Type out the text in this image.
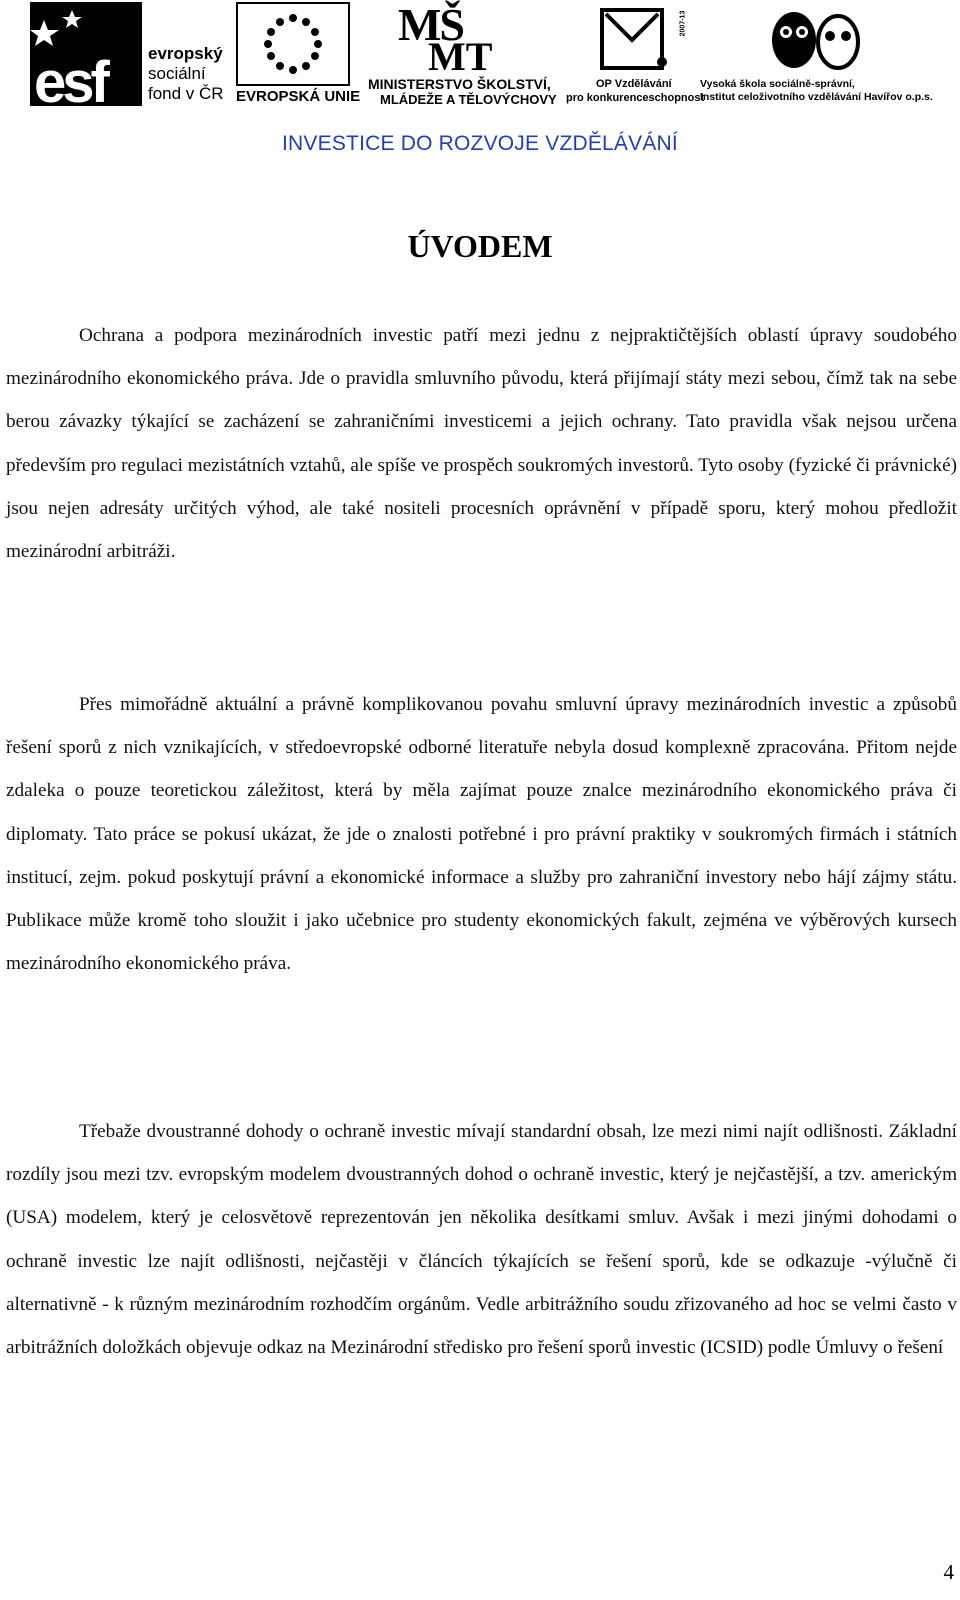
esf evropský
sociální
fond v ČR EVROPSKÁ UNIE
MŠ
MT
MINISTERSTVO ŠKOLSTVÍ,
MLÁDEŽE A TĚLOVÝCHOVY
2007-13
OP Vzdělávání
pro konkurenceschopnost
Vysoká škola sociálně-správní,
Institut celoživotního vzdělávání Havířov o.p.s.
INVESTICE DO ROZVOJE VZDĚLÁVÁNÍ
ÚVODEM

Ochrana a podpora mezinárodních investic patří mezi jednu z nejpraktičtějších oblastí úpravy soudobého mezinárodního ekonomického práva. Jde o pravidla smluvního původu, která přijímají státy mezi sebou, čímž tak na sebe berou závazky týkající se zacházení se zahraničními investicemi a jejich ochrany. Tato pravidla však nejsou určena především pro regulaci mezistátních vztahů, ale spíše ve prospěch soukromých investorů. Tyto osoby (fyzické či právnické) jsou nejen adresáty určitých výhod, ale také nositeli procesních oprávnění v případě sporu, který mohou předložit mezinárodní arbitráži.

Přes mimořádně aktuální a právně komplikovanou povahu smluvní úpravy mezinárodních investic a způsobů řešení sporů z nich vznikajících, v středoevropské odborné literatuře nebyla dosud komplexně zpracována. Přitom nejde zdaleka o pouze teoretickou záležitost, která by měla zajímat pouze znalce mezinárodního ekonomického práva či diplomaty. Tato práce se pokusí ukázat, že jde o znalosti potřebné i pro právní praktiky v soukromých firmách i státních institucí, zejm. pokud poskytují právní a ekonomické informace a služby pro zahraniční investory nebo hájí zájmy státu. Publikace může kromě toho sloužit i jako učebnice pro studenty ekonomických fakult, zejména ve výběrových kursech mezinárodního ekonomického práva.

Třebaže dvoustranné dohody o ochraně investic mívají standardní obsah, lze mezi nimi najít odlišnosti. Základní rozdíly jsou mezi tzv. evropským modelem dvoustranných dohod o ochraně investic, který je nejčastější, a tzv. americkým (USA) modelem, který je celosvětově reprezentován jen několika desítkami smluv. Avšak i mezi jinými dohodami o ochraně investic lze najít odlišnosti, nejčastěji v článcích týkajících se řešení sporů, kde se odkazuje -výlučně či alternativně - k různým mezinárodním rozhodčím orgánům. Vedle arbitrážního soudu zřizovaného ad hoc se velmi často v arbitrážních doložkách objevuje odkaz na Mezinárodní středisko pro řešení sporů investic (ICSID) podle Úmluvy o řešení

4
